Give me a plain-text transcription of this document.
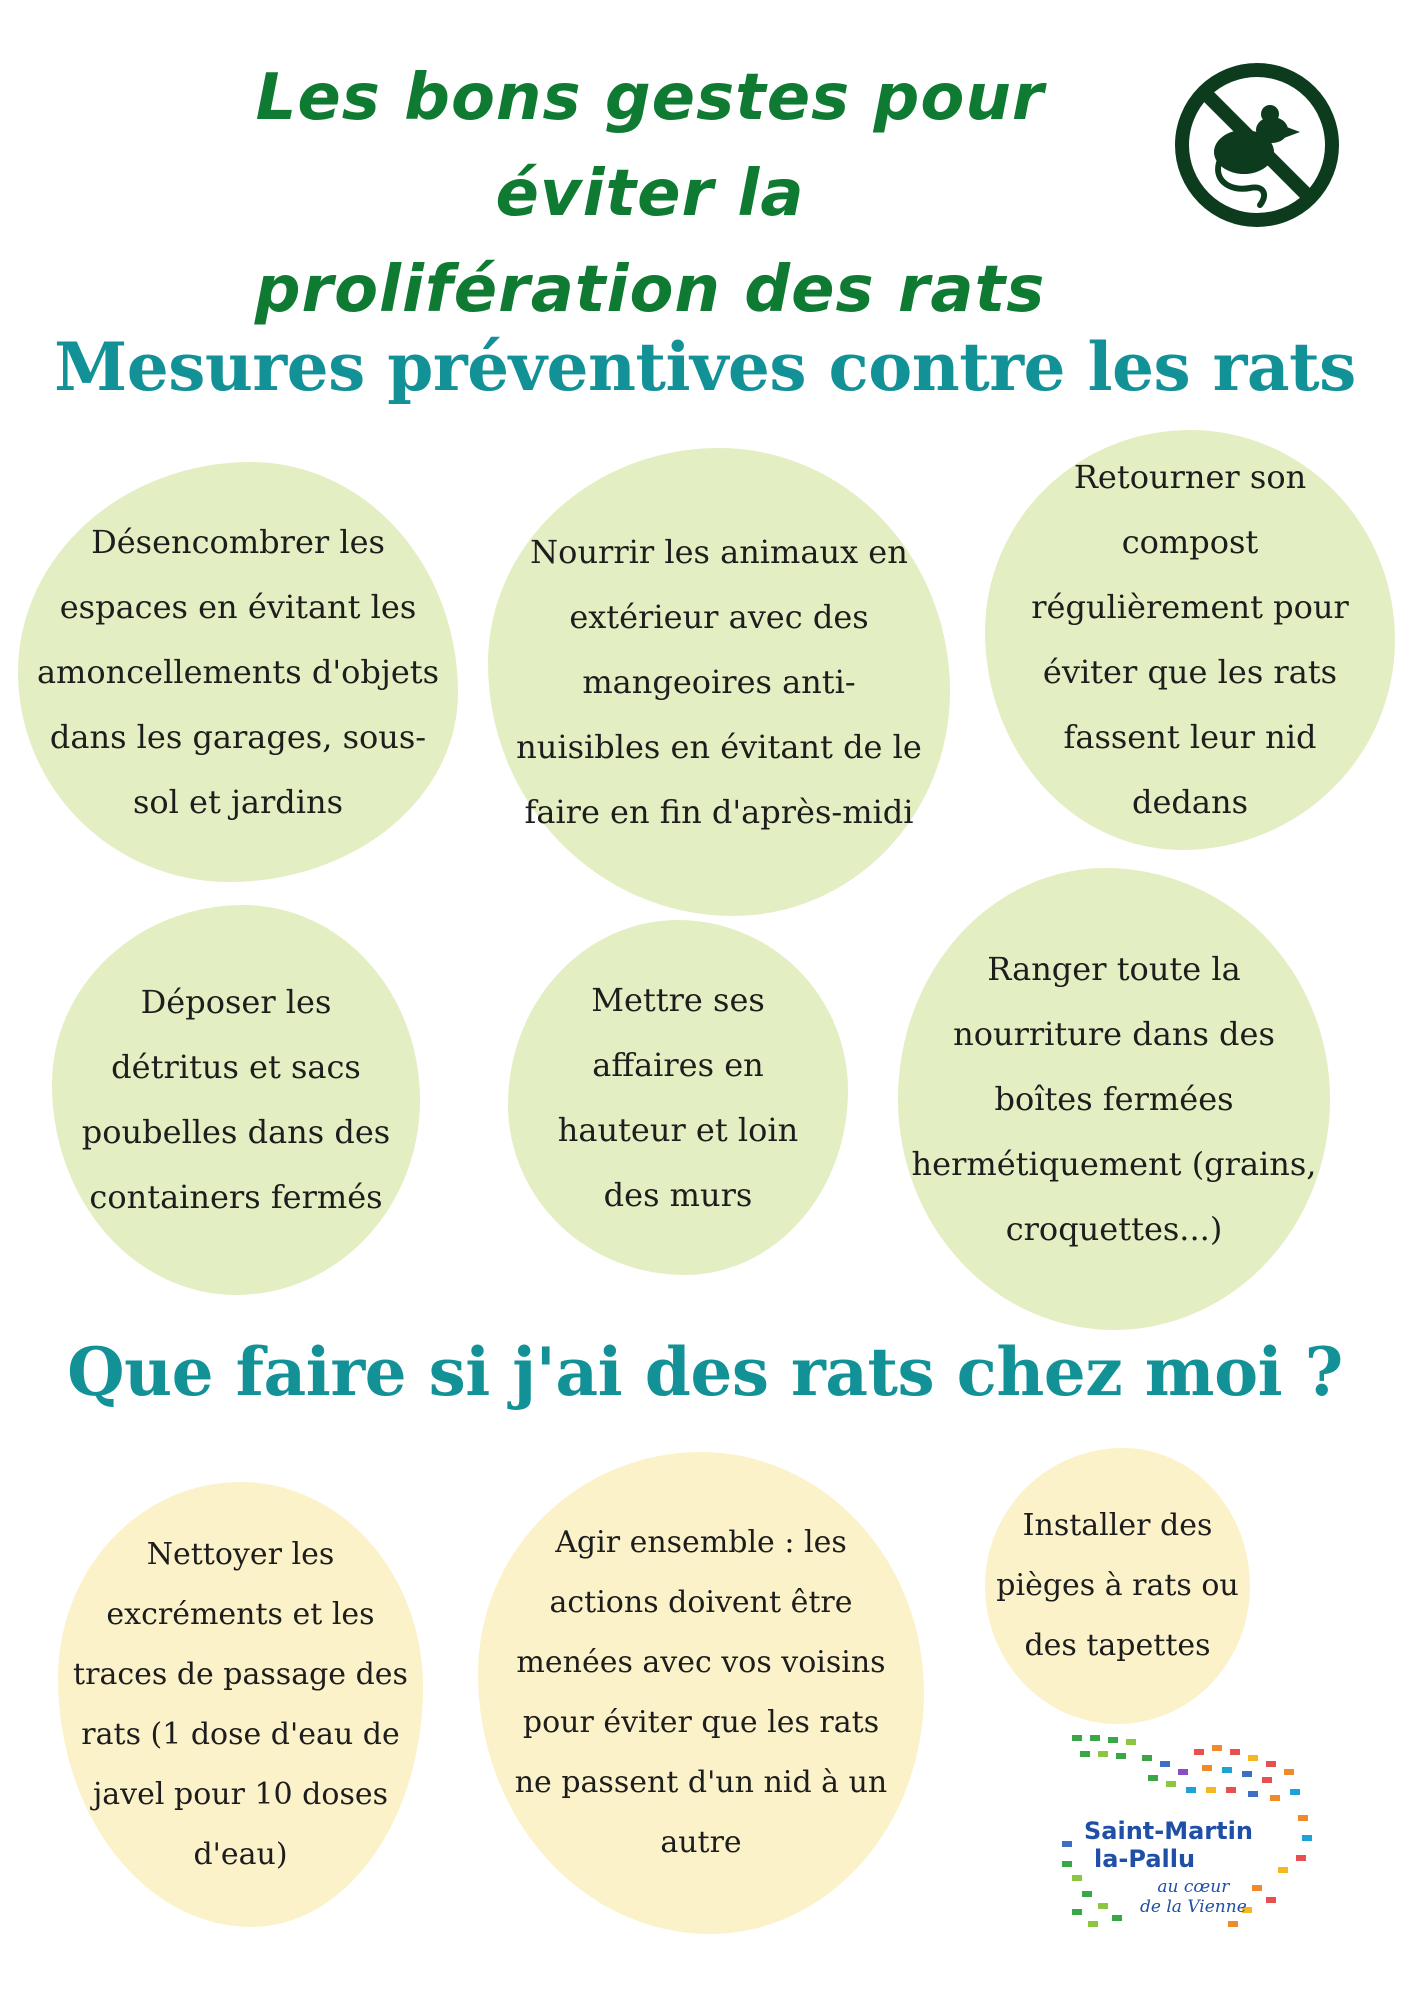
Les bons gestes pour éviter la
prolifération des rats
Mesures préventives contre les rats
Désencombrer les espaces en évitant les amoncellements d'objets dans les garages, sous-sol et jardins
Nourrir les animaux en extérieur avec des mangeoires anti-nuisibles en évitant de le faire en fin d'après-midi
Retourner son compost régulièrement pour éviter que les rats fassent leur nid dedans
Déposer les détritus et sacs poubelles dans des containers fermés
Mettre ses affaires en hauteur et loin des murs
Ranger toute la nourriture dans des boîtes fermées hermétiquement (grains, croquettes...)
Que faire si j'ai des rats chez moi ?
Nettoyer les excréments et les traces de passage des rats (1 dose d'eau de javel pour 10 doses d'eau)
Agir ensemble : les actions doivent être menées avec vos voisins pour éviter que les rats ne passent d'un nid à un autre
Installer des pièges à rats ou des tapettes
Saint-Martin
la-Pallu
au cœur
de la Vienne
